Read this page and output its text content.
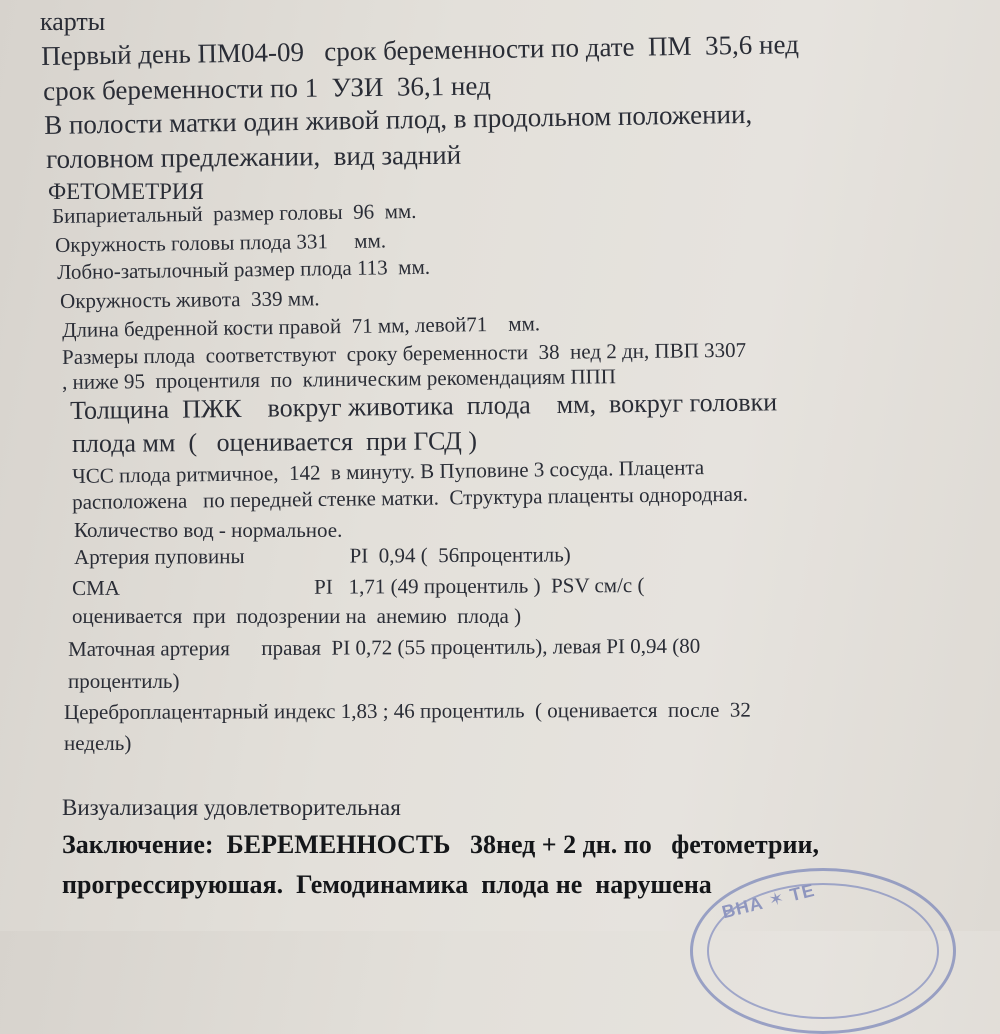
карты

Первый день ПМ04-09   срок беременности по дате  ПМ  35,6 нед

срок беременности по 1  УЗИ  36,1 нед

В полости матки один живой плод, в продольном положении,

головном предлежании,  вид задний

ФЕТОМЕТРИЯ

Бипариетальный  размер головы  96  мм.

Окружность головы плода 331     мм.

Лобно-затылочный размер плода 113  мм.

Окружность живота  339 мм.

Длина бедренной кости правой  71 мм, левой71    мм.

Размеры плода  соответствуют  сроку беременности  38  нед 2 дн, ПВП 3307

, ниже 95  процентиля  по  клиническим рекомендациям ППП

Толщина  ПЖК    вокруг животика  плода    мм,  вокруг головки

плода мм  (   оценивается  при ГСД )

ЧСС плода ритмичное,  142  в минуту. В Пуповине 3 сосуда. Плацента

расположена   по передней стенке матки.  Структура плаценты однородная.

Количество вод - нормальное.

Артерия пуповины                    PI  0,94 (  56процентиль)

СМА                                     PI   1,71 (49 процентиль )  PSV см/с (

оценивается  при  подозрении на  анемию  плода )

Маточная артерия      правая  PI 0,72 (55 процентиль), левая PI 0,94 (80

процентиль)

Цереброплацентарный индекс 1,83 ; 46 процентиль  ( оценивается  после  32

недель)

Визуализация удовлетворительная

Заключение:  БЕРЕМЕННОСТЬ   38нед + 2 дн. по   фетометрии,

прогрессируюшая.  Гемодинамика  плода не  нарушена ВНА ✶ ТЕ
